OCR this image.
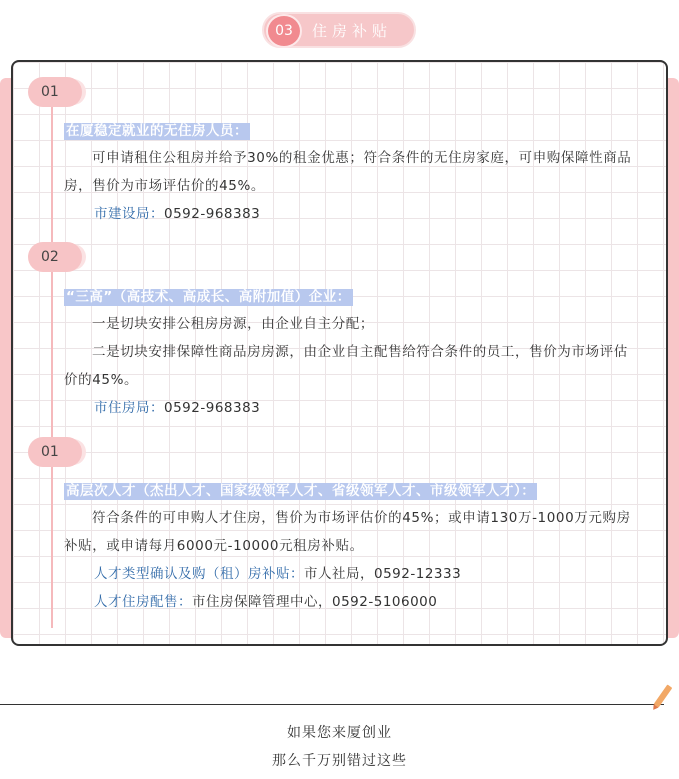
03	住房补贴
01
在厦稳定就业的无住房人员：
可申请租住公租房并给予30%的租金优惠；符合条件的无住房家庭，可申购保障性商品房，售价为市场评估价的45%。
市建设局：0592-968383
02
“三高”（高技术、高成长、高附加值）企业：
一是切块安排公租房房源，由企业自主分配；
二是切块安排保障性商品房房源，由企业自主配售给符合条件的员工，售价为市场评估价的45%。
市住房局：0592-968383
01
高层次人才（杰出人才、国家级领军人才、省级领军人才、市级领军人才）：
符合条件的可申购人才住房，售价为市场评估价的45%；或申请130万-1000万元购房补贴，或申请每月6000元-10000元租房补贴。
人才类型确认及购（租）房补贴：市人社局，0592-12333
人才住房配售：市住房保障管理中心，0592-5106000
如果您来厦创业
那么千万别错过这些
